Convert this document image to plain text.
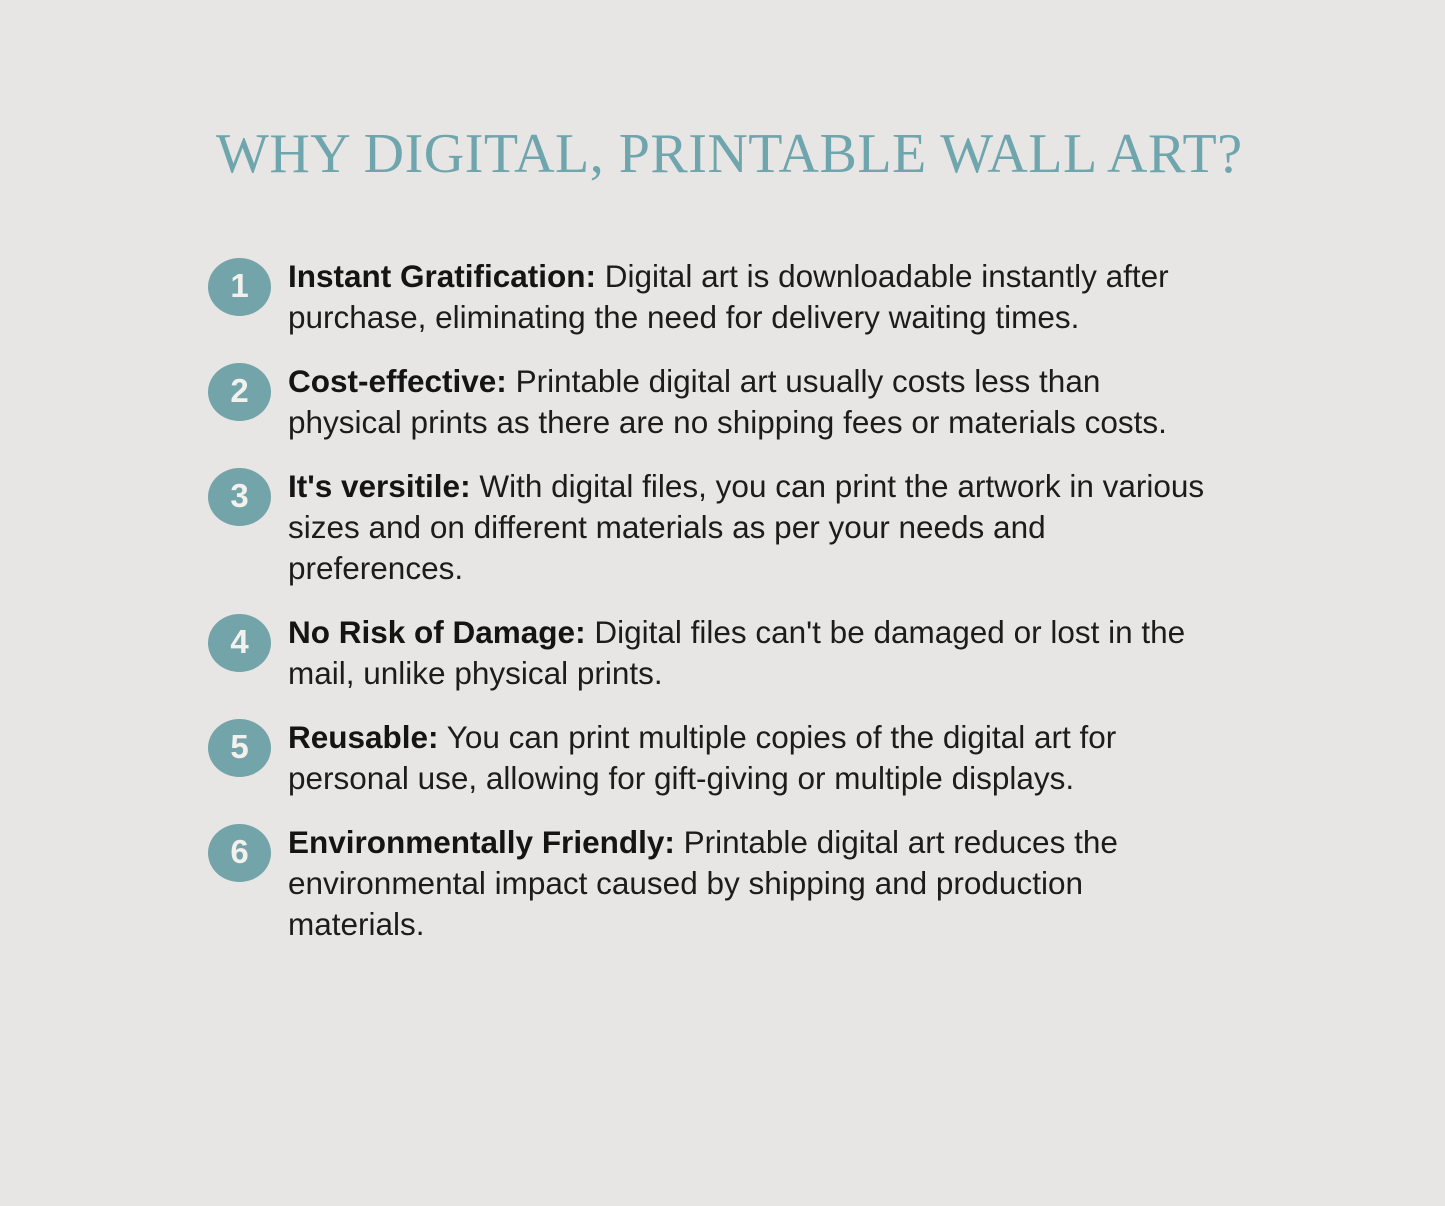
WHY DIGITAL, PRINTABLE WALL ART?
1	Instant Gratification: Digital art is downloadable instantly after purchase, eliminating the need for delivery waiting times.

2	Cost-effective: Printable digital art usually costs less than physical prints as there are no shipping fees or materials costs.

3	It's versitile: With digital files, you can print the artwork in various sizes and on different materials as per your needs and preferences.

4	No Risk of Damage: Digital files can't be damaged or lost in the mail, unlike physical prints.

5	Reusable: You can print multiple copies of the digital art for personal use, allowing for gift-giving or multiple displays.

6	Environmentally Friendly: Printable digital art reduces the environmental impact caused by shipping and production materials.
